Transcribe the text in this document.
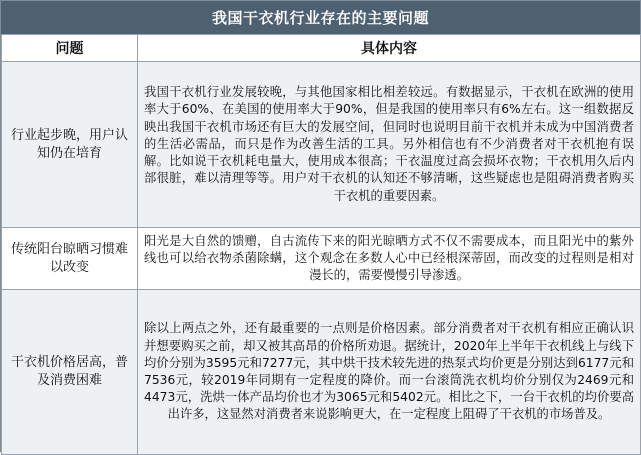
我国干衣机行业存在的主要问题
问题	具体内容
行业起步晚，用户认知仍在培育	我国干衣机行业发展较晚，与其他国家相比相差较远。有数据显示，干衣机在欧洲的使用率大于60%、在美国的使用率大于90%，但是我国的使用率只有6%左右。这一组数据反映出我国干衣机市场还有巨大的发展空间，但同时也说明目前干衣机并未成为中国消费者的生活必需品，而只是作为改善生活的工具。另外相信也有不少消费者对干衣机抱有误解。比如说干衣机耗电量大，使用成本很高；干衣温度过高会损坏衣物；干衣机用久后内部很脏，难以清理等等。用户对干衣机的认知还不够清晰，这些疑虑也是阻碍消费者购买干衣机的重要因素。
传统阳台晾晒习惯难以改变	阳光是大自然的馈赠，自古流传下来的阳光晾晒方式不仅不需要成本，而且阳光中的紫外线也可以给衣物杀菌除螨，这个观念在多数人心中已经根深蒂固，而改变的过程则是相对漫长的，需要慢慢引导渗透。
干衣机价格居高，普及消费困难	除以上两点之外，还有最重要的一点则是价格因素。部分消费者对干衣机有相应正确认识并想要购买之前，却又被其高昂的价格所劝退。据统计，2020年上半年干衣机线上与线下均价分别为3595元和7277元，其中烘干技术较先进的热泵式均价更是分别达到6177元和7536元，较2019年同期有一定程度的降价。而一台滚筒洗衣机均价分别仅为2469元和4473元，洗烘一体产品均价也才为3065元和5402元。相比之下，一台干衣机的均价要高出许多，这显然对消费者来说影响更大，在一定程度上阻碍了干衣机的市场普及。
